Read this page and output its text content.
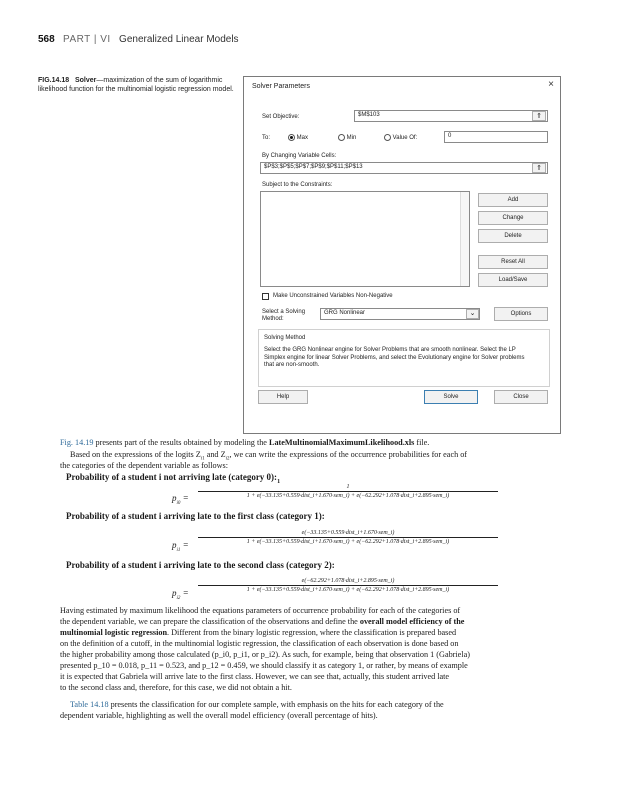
568 PART | VI Generalized Linear Models
FIG.14.18 Solver—maximization of the sum of logarithmic likelihood function for the multinomial logistic regression model.	Solver Parameters	×
Set Objective:	$M$103	⇑
To:	Max	Min	Value Of:	0
By Changing Variable Cells:
$P$3;$P$5;$P$7;$P$9;$P$11;$P$13	⇑
Subject to the Constraints:
Add
Change
Delete
Reset All
Load/Save
Make Unconstrained Variables Non-Negative
Select a Solving
Method:
GRG Nonlinear	⌄	Options
Solving Method
Select the GRG Nonlinear engine for Solver Problems that are smooth nonlinear. Select the LP Simplex engine for linear Solver Problems, and select the Evolutionary engine for Solver problems that are non-smooth.
Help	Solve	Close
Fig. 14.19 presents part of the results obtained by modeling the LateMultinomialMaximumLikelihood.xls file.
Based on the expressions of the logits $Z_{i1}$ and $Z_{i2}$, we can write the expressions of the occurrence probabilities for each of
the categories of the dependent variable as follows:
Probability of a student i not arriving late (category $0):_1$
$p_{i0}$ =
1
1 + e(−33.135+0.559·dist_i+1.670·sem_i) + e(−62.292+1.078·dist_i+2.895·sem_i)
Probability of a student i arriving late to the first class (category 1):
$p_{i1}$ =
e(−33.135+0.559·dist_i+1.670·sem_i)
1 + e(−33.135+0.559·dist_i+1.670·sem_i) + e(−62.292+1.078·dist_i+2.895·sem_i)
Probability of a student i arriving late to the second class (category 2):
$p_{i2}$ =
e(−62.292+1.078·dist_i+2.895·sem_i)
1 + e(−33.135+0.559·dist_i+1.670·sem_i) + e(−62.292+1.078·dist_i+2.895·sem_i)
Having estimated by maximum likelihood the equations parameters of occurrence probability for each of the categories of
the dependent variable, we can prepare the classification of the observations and define the overall model efficiency of the
multinomial logistic regression. Different from the binary logistic regression, where the classification is prepared based
on the definition of a cutoff, in the multinomial logistic regression, the classification of each observation is done based on
the higher probability among those calculated (p_i0, p_i1, or p_i2). As such, for example, being that observation 1 (Gabriela)
presented p_10 = 0.018, p_11 = 0.523, and p_12 = 0.459, we should classify it as category 1, or rather, by means of example
it is expected that Gabriela will arrive late to the first class. However, we can see that, actually, this student arrived late
to the second class and, therefore, for this case, we did not obtain a hit.
Table 14.18 presents the classification for our complete sample, with emphasis on the hits for each category of the
dependent variable, highlighting as well the overall model efficiency (overall percentage of hits).
